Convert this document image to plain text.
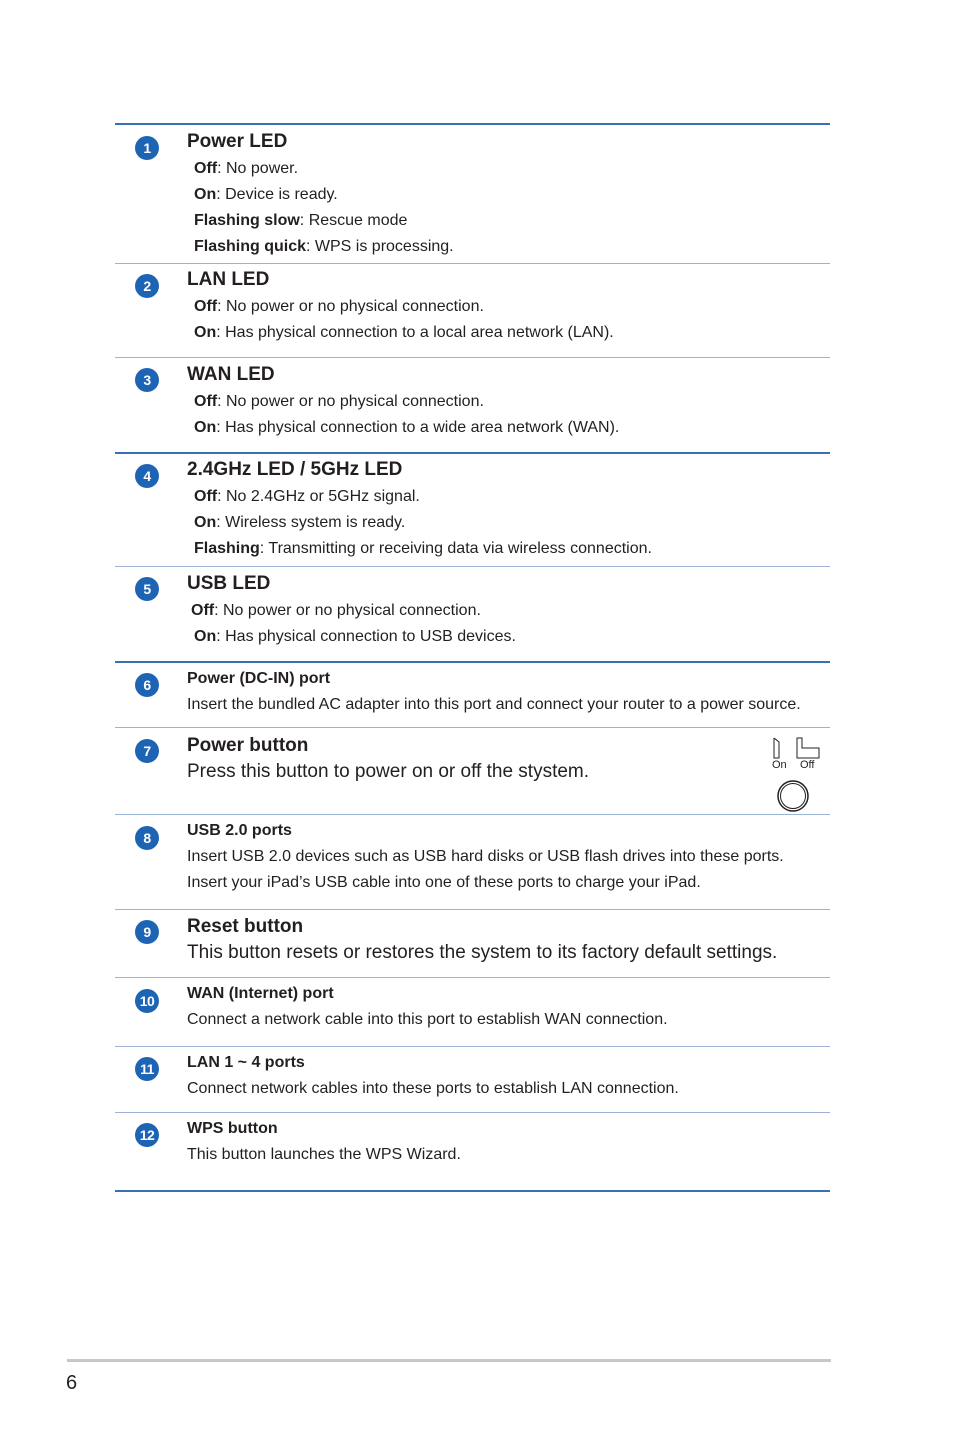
1	Power LED
Off: No power.
On: Device is ready.
Flashing slow: Rescue mode
Flashing quick: WPS is processing.
2	LAN LED
Off: No power or no physical connection.
On: Has physical connection to a local area network (LAN).
3	WAN LED
Off: No power or no physical connection.
On: Has physical connection to a wide area network (WAN).
4	2.4GHz LED / 5GHz LED
Off: No 2.4GHz or 5GHz signal.
On: Wireless system is ready.
Flashing: Transmitting or receiving data via wireless connection.
5	USB LED
Off: No power or no physical connection.
On: Has physical connection to USB devices.
6	Power (DC-IN) port
Insert the bundled AC adapter into this port and connect your router to a power source.
7	Power button
Press this button to power on or off the stystem.	On Off
8	USB 2.0 ports
Insert USB 2.0 devices such as USB hard disks or USB flash drives into these ports.
Insert your iPad’s USB cable into one of these ports to charge your iPad.
9	Reset button
This button resets or restores the system to its factory default settings.
10 WAN (Internet) port
Connect a network cable into this port to establish WAN connection.
11	LAN 1 ~ 4 ports
Connect network cables into these ports to establish LAN connection.
12 WPS button
This button launches the WPS Wizard.
6
